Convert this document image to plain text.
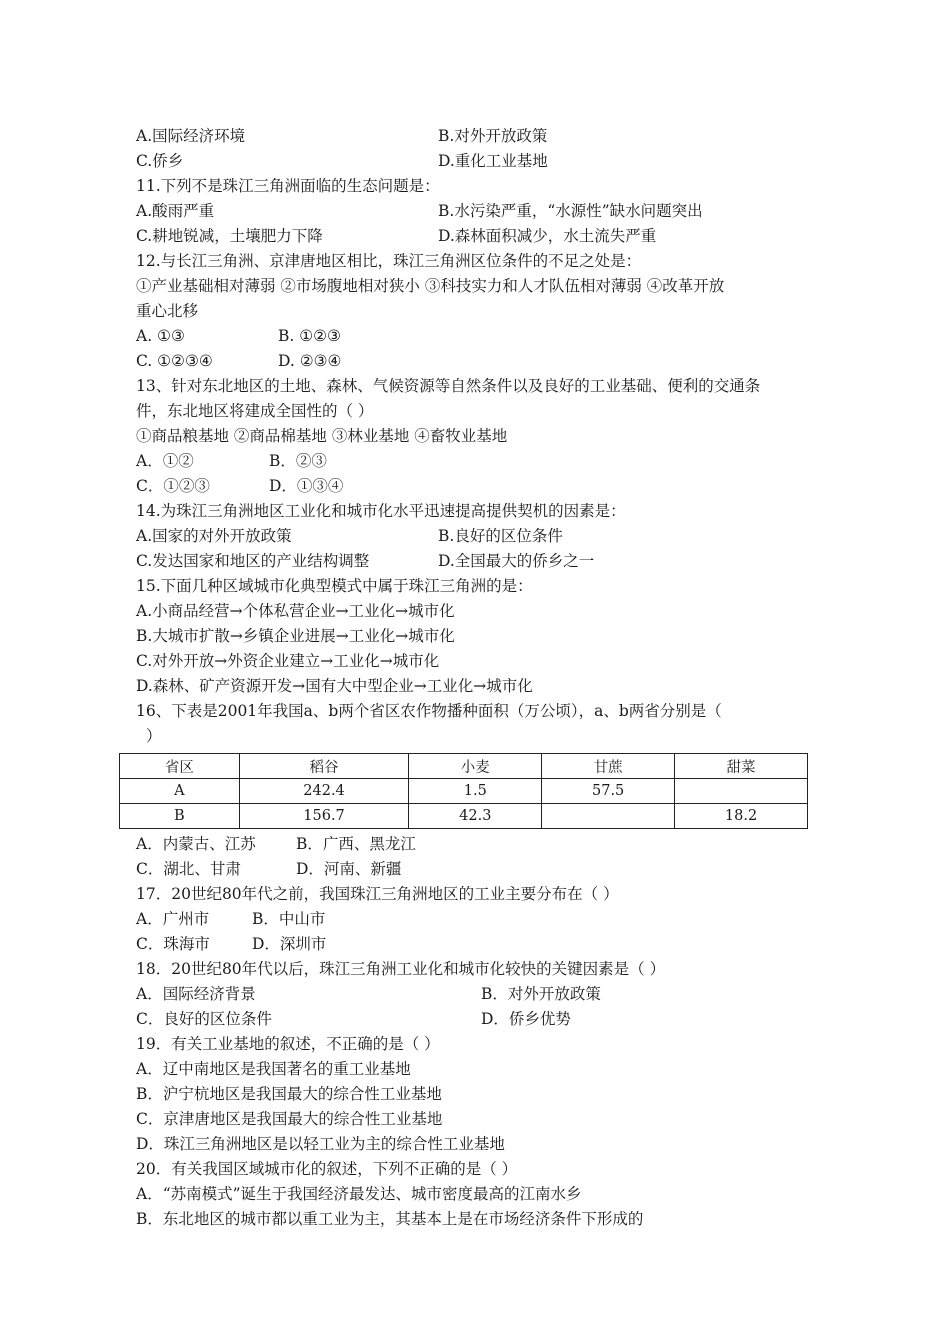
A.国际经济环境	B.对外开放政策
C.侨乡	D.重化工业基地
11.下列不是珠江三角洲面临的生态问题是：
A.酸雨严重	B.水污染严重，“水源性”缺水问题突出
C.耕地锐减，土壤肥力下降	D.森林面积减少，水土流失严重
12.与长江三角洲、京津唐地区相比，珠江三角洲区位条件的不足之处是：
①产业基础相对薄弱 ②市场腹地相对狭小 ③科技实力和人才队伍相对薄弱 ④改革开放
重心北移
A. ①③	B. ①②③
C. ①②③④	D. ②③④
13、针对东北地区的土地、森林、气候资源等自然条件以及良好的工业基础、便利的交通条
件，东北地区将建成全国性的（ ）
①商品粮基地 ②商品棉基地 ③林业基地 ④畜牧业基地
A．①②	B．②③
C．①②③	D．①③④
14.为珠江三角洲地区工业化和城市化水平迅速提高提供契机的因素是：
A.国家的对外开放政策	B.良好的区位条件
C.发达国家和地区的产业结构调整	D.全国最大的侨乡之一
15.下面几种区域城市化典型模式中属于珠江三角洲的是：
A.小商品经营→个体私营企业→工业化→城市化
B.大城市扩散→乡镇企业进展→工业化→城市化
C.对外开放→外资企业建立→工业化→城市化
D.森林、矿产资源开发→国有大中型企业→工业化→城市化
16、下表是2001年我国a、b两个省区农作物播种面积（万公顷），a、b两省分别是（
）
省区	稻谷	小麦	甘蔗	甜菜
A	242.4	1.5	57.5	
B	156.7	42.3		18.2
A．内蒙古、江苏	B．广西、黑龙江
C．湖北、甘肃	D．河南、新疆
17．20世纪80年代之前，我国珠江三角洲地区的工业主要分布在（ ）
A．广州市	B．中山市
C．珠海市	D．深圳市
18．20世纪80年代以后，珠江三角洲工业化和城市化较快的关键因素是（ ）
A．国际经济背景	B．对外开放政策
C．良好的区位条件	D．侨乡优势
19．有关工业基地的叙述，不正确的是（ ）
A．辽中南地区是我国著名的重工业基地
B．沪宁杭地区是我国最大的综合性工业基地
C．京津唐地区是我国最大的综合性工业基地
D．珠江三角洲地区是以轻工业为主的综合性工业基地
20．有关我国区域城市化的叙述，下列不正确的是（ ）
A．“苏南模式”诞生于我国经济最发达、城市密度最高的江南水乡
B．东北地区的城市都以重工业为主，其基本上是在市场经济条件下形成的
